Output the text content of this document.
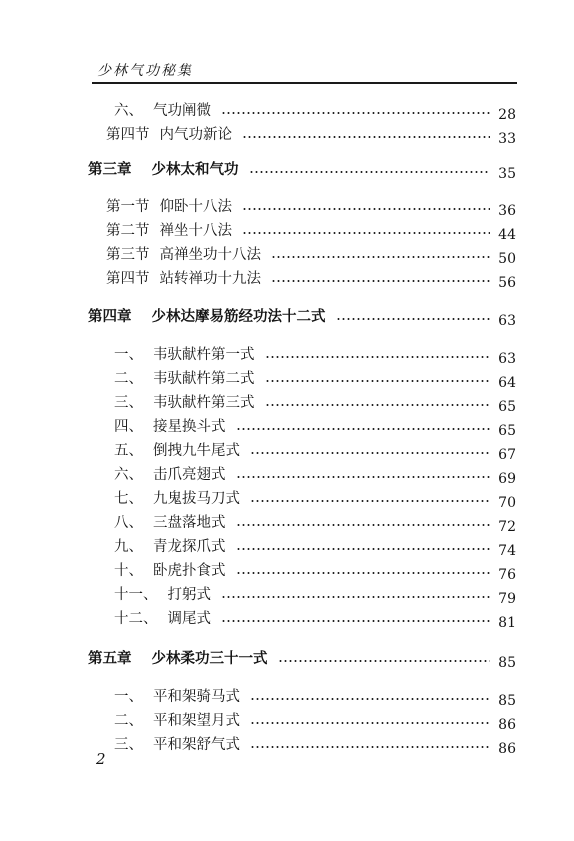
少林气功秘集
六、 气功阐微	28
第四节 内气功新论	33
第三章 少林太和气功	35
第一节 仰卧十八法	36
第二节 禅坐十八法	44
第三节 高禅坐功十八法	50
第四节 站转禅功十九法	56
第四章 少林达摩易筋经功法十二式	63
一、 韦驮献杵第一式	63
二、 韦驮献杵第二式	64
三、 韦驮献杵第三式	65
四、 接星换斗式	65
五、 倒拽九牛尾式	67
六、 击爪亮翅式	69
七、 九鬼拔马刀式	70
八、 三盘落地式	72
九、 青龙探爪式	74
十、 卧虎扑食式	76
十一、 打躬式	79
十二、 调尾式	81
第五章 少林柔功三十一式	85
一、 平和架骑马式	85
二、 平和架望月式	86
三、 平和架舒气式	86
2
